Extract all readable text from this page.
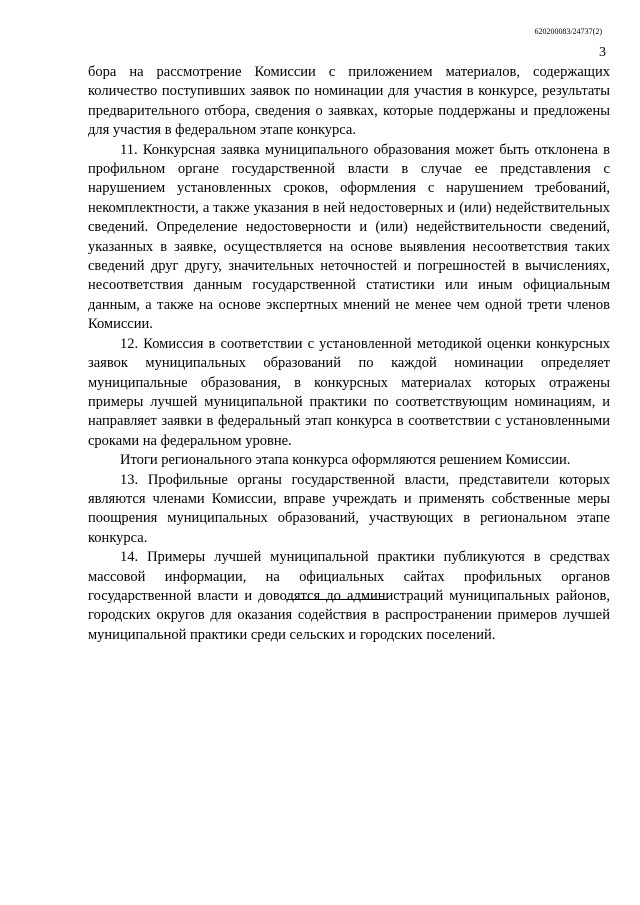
620200083/24737(2)
3

бора на рассмотрение Комиссии с приложением материалов, содержащих количество поступивших заявок по номинации для участия в конкурсе, результаты предварительного отбора, сведения о заявках, которые поддержаны и предложены для участия в федеральном этапе конкурса.

11. Конкурсная заявка муниципального образования может быть отклонена в профильном органе государственной власти в случае ее представления с нарушением установленных сроков, оформления с нарушением требований, некомплектности, а также указания в ней недостоверных и (или) недействительных сведений. Определение недостоверности и (или) недействительности сведений, указанных в заявке, осуществляется на основе выявления несоответствия таких сведений друг другу, значительных неточностей и погрешностей в вычислениях, несоответствия данным государственной статистики или иным официальным данным, а также на основе экспертных мнений не менее чем одной трети членов Комиссии.

12. Комиссия в соответствии с установленной методикой оценки конкурсных заявок муниципальных образований по каждой номинации определяет муниципальные образования, в конкурсных материалах которых отражены примеры лучшей муниципальной практики по соответствующим номинациям, и направляет заявки в федеральный этап конкурса в соответствии с установленными сроками на федеральном уровне.

Итоги регионального этапа конкурса оформляются решением Комиссии.

13. Профильные органы государственной власти, представители которых являются членами Комиссии, вправе учреждать и применять собственные меры поощрения муниципальных образований, участвующих в региональном этапе конкурса.

14. Примеры лучшей муниципальной практики публикуются в средствах массовой информации, на официальных сайтах профильных органов государственной власти и доводятся до администраций муниципальных районов, городских округов для оказания содействия в распространении примеров лучшей муниципальной практики среди сельских и городских поселений.
